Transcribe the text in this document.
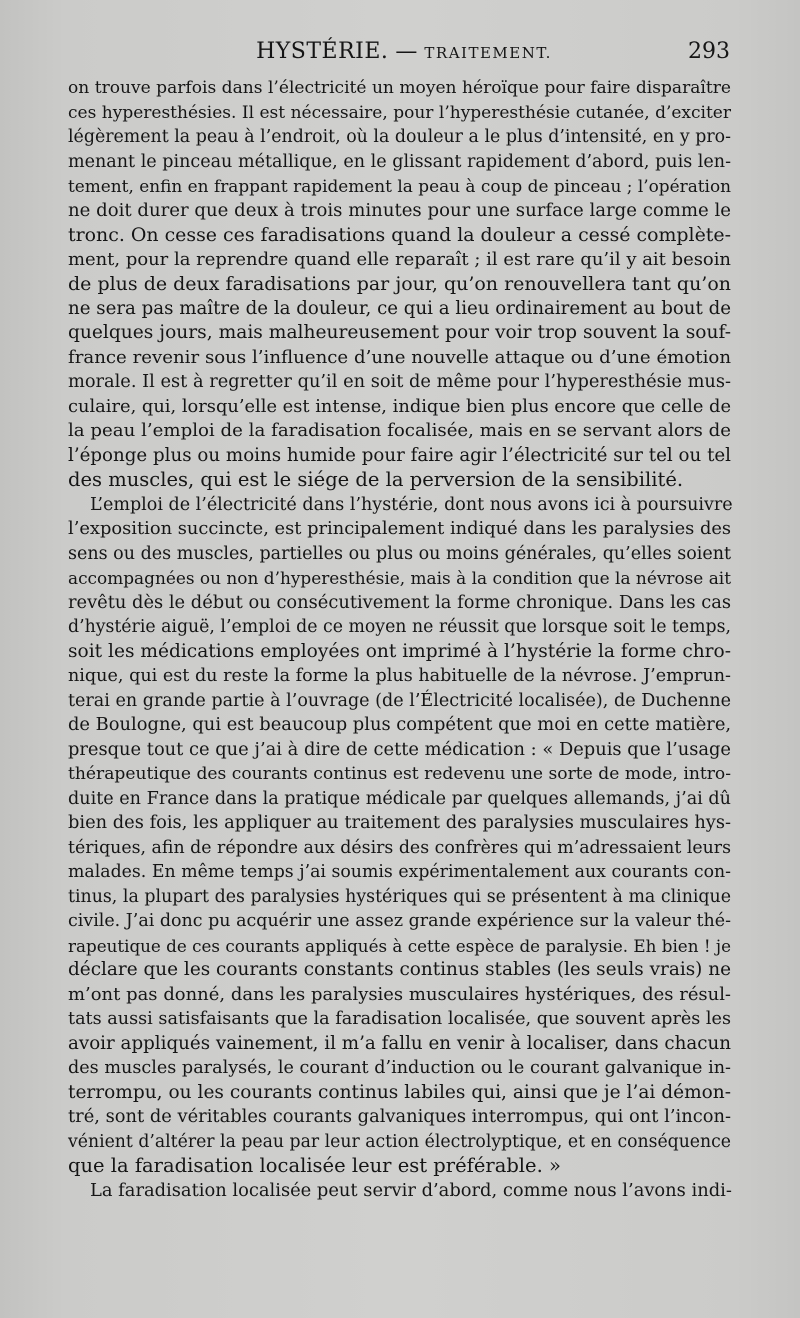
HYSTÉRIE. — TRAITEMENT.	293
on trouve parfois dans l’électricité un moyen héroïque pour faire disparaître
ces hyperesthésies. Il est nécessaire, pour l’hyperesthésie cutanée, d’exciter
légèrement la peau à l’endroit, où la douleur a le plus d’intensité, en y pro-
menant le pinceau métallique, en le glissant rapidement d’abord, puis len-
tement, enfin en frappant rapidement la peau à coup de pinceau ; l’opération
ne doit durer que deux à trois minutes pour une surface large comme le
tronc. On cesse ces faradisations quand la douleur a cessé complète-
ment, pour la reprendre quand elle reparaît ; il est rare qu’il y ait besoin
de plus de deux faradisations par jour, qu’on renouvellera tant qu’on
ne sera pas maître de la douleur, ce qui a lieu ordinairement au bout de
quelques jours, mais malheureusement pour voir trop souvent la souf-
france revenir sous l’influence d’une nouvelle attaque ou d’une émotion
morale. Il est à regretter qu’il en soit de même pour l’hyperesthésie mus-
culaire, qui, lorsqu’elle est intense, indique bien plus encore que celle de
la peau l’emploi de la faradisation focalisée, mais en se servant alors de
l’éponge plus ou moins humide pour faire agir l’électricité sur tel ou tel
des muscles, qui est le siége de la perversion de la sensibilité.
L’emploi de l’électricité dans l’hystérie, dont nous avons ici à poursuivre
l’exposition succincte, est principalement indiqué dans les paralysies des
sens ou des muscles, partielles ou plus ou moins générales, qu’elles soient
accompagnées ou non d’hyperesthésie, mais à la condition que la névrose ait
revêtu dès le début ou consécutivement la forme chronique. Dans les cas
d’hystérie aiguë, l’emploi de ce moyen ne réussit que lorsque soit le temps,
soit les médications employées ont imprimé à l’hystérie la forme chro-
nique, qui est du reste la forme la plus habituelle de la névrose. J’emprun-
terai en grande partie à l’ouvrage (de l’Électricité localisée), de Duchenne
de Boulogne, qui est beaucoup plus compétent que moi en cette matière,
presque tout ce que j’ai à dire de cette médication : « Depuis que l’usage
thérapeutique des courants continus est redevenu une sorte de mode, intro-
duite en France dans la pratique médicale par quelques allemands, j’ai dû
bien des fois, les appliquer au traitement des paralysies musculaires hys-
tériques, afin de répondre aux désirs des confrères qui m’adressaient leurs
malades. En même temps j’ai soumis expérimentalement aux courants con-
tinus, la plupart des paralysies hystériques qui se présentent à ma clinique
civile. J’ai donc pu acquérir une assez grande expérience sur la valeur thé-
rapeutique de ces courants appliqués à cette espèce de paralysie. Eh bien ! je
déclare que les courants constants continus stables (les seuls vrais) ne
m’ont pas donné, dans les paralysies musculaires hystériques, des résul-
tats aussi satisfaisants que la faradisation localisée, que souvent après les
avoir appliqués vainement, il m’a fallu en venir à localiser, dans chacun
des muscles paralysés, le courant d’induction ou le courant galvanique in-
terrompu, ou les courants continus labiles qui, ainsi que je l’ai démon-
tré, sont de véritables courants galvaniques interrompus, qui ont l’incon-
vénient d’altérer la peau par leur action électrolyptique, et en conséquence
que la faradisation localisée leur est préférable. »
La faradisation localisée peut servir d’abord, comme nous l’avons indi-
